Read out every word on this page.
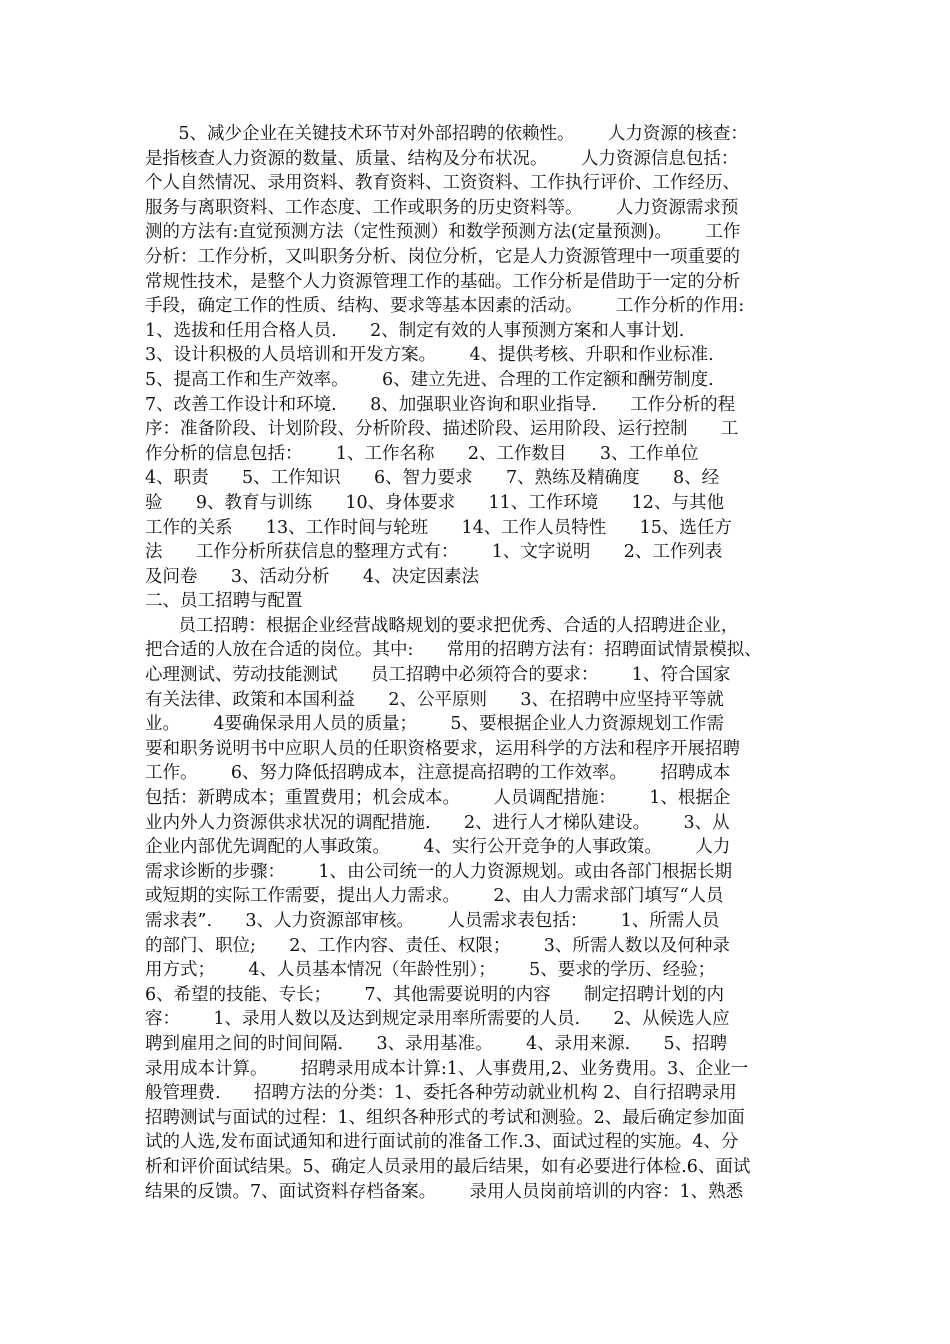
5、减少企业在关键技术环节对外部招聘的依赖性。      人力资源的核查：
是指核查人力资源的数量、质量、结构及分布状况。      人力资源信息包括：
个人自然情况、录用资料、教育资料、工资资料、工作执行评价、工作经历、
服务与离职资料、工作态度、工作或职务的历史资料等。      人力资源需求预
测的方法有:直觉预测方法（定性预测）和数学预测方法(定量预测)。      工作
分析：工作分析，又叫职务分析、岗位分析，它是人力资源管理中一项重要的
常规性技术，是整个人力资源管理工作的基础。工作分析是借助于一定的分析
手段，确定工作的性质、结构、要求等基本因素的活动。      工作分析的作用:
1、选拔和任用合格人员.      2、制定有效的人事预测方案和人事计划.
3、设计积极的人员培训和开发方案。      4、提供考核、升职和作业标准.
5、提高工作和生产效率。      6、建立先进、合理的工作定额和酬劳制度.
7、改善工作设计和环境.      8、加强职业咨询和职业指导.      工作分析的程
序：准备阶段、计划阶段、分析阶段、描述阶段、运用阶段、运行控制      工
作分析的信息包括：      1、工作名称      2、工作数目      3、工作单位
4、职责      5、工作知识      6、智力要求      7、熟练及精确度      8、经
验      9、教育与训练      10、身体要求      11、工作环境      12、与其他
工作的关系      13、工作时间与轮班      14、工作人员特性      15、选任方
法      工作分析所获信息的整理方式有：      1、文字说明      2、工作列表
及问卷      3、活动分析      4、决定因素法
二、员工招聘与配置
员工招聘：根据企业经营战略规划的要求把优秀、合适的人招聘进企业，
把合适的人放在合适的岗位。其中:      常用的招聘方法有：招聘面试情景模拟、
心理测试、劳动技能测试      员工招聘中必须符合的要求：      1、符合国家
有关法律、政策和本国利益      2、公平原则      3、在招聘中应坚持平等就
业。      4要确保录用人员的质量；      5、要根据企业人力资源规划工作需
要和职务说明书中应职人员的任职资格要求，运用科学的方法和程序开展招聘
工作。      6、努力降低招聘成本，注意提高招聘的工作效率。      招聘成本
包括：新聘成本；重置费用；机会成本。      人员调配措施：      1、根据企
业内外人力资源供求状况的调配措施.      2、进行人才梯队建设。      3、从
企业内部优先调配的人事政策。      4、实行公开竞争的人事政策。      人力
需求诊断的步骤：      1、由公司统一的人力资源规划。或由各部门根据长期
或短期的实际工作需要，提出人力需求。      2、由人力需求部门填写“人员
需求表”.      3、人力资源部审核。      人员需求表包括：      1、所需人员
的部门、职位;      2、工作内容、责任、权限；      3、所需人数以及何种录
用方式；      4、人员基本情况（年龄性别）；      5、要求的学历、经验；
6、希望的技能、专长；      7、其他需要说明的内容      制定招聘计划的内
容：      1、录用人数以及达到规定录用率所需要的人员.      2、从候选人应
聘到雇用之间的时间间隔.      3、录用基准。      4、录用来源.      5、招聘
录用成本计算。      招聘录用成本计算:1、人事费用,2、业务费用。3、企业一
般管理费.      招聘方法的分类：1、委托各种劳动就业机构 2、自行招聘录用
招聘测试与面试的过程：1、组织各种形式的考试和测验。2、最后确定参加面
试的人选,发布面试通知和进行面试前的准备工作.3、面试过程的实施。4、分
析和评价面试结果。5、确定人员录用的最后结果，如有必要进行体检.6、面试
结果的反馈。7、面试资料存档备案。      录用人员岗前培训的内容：1、熟悉
